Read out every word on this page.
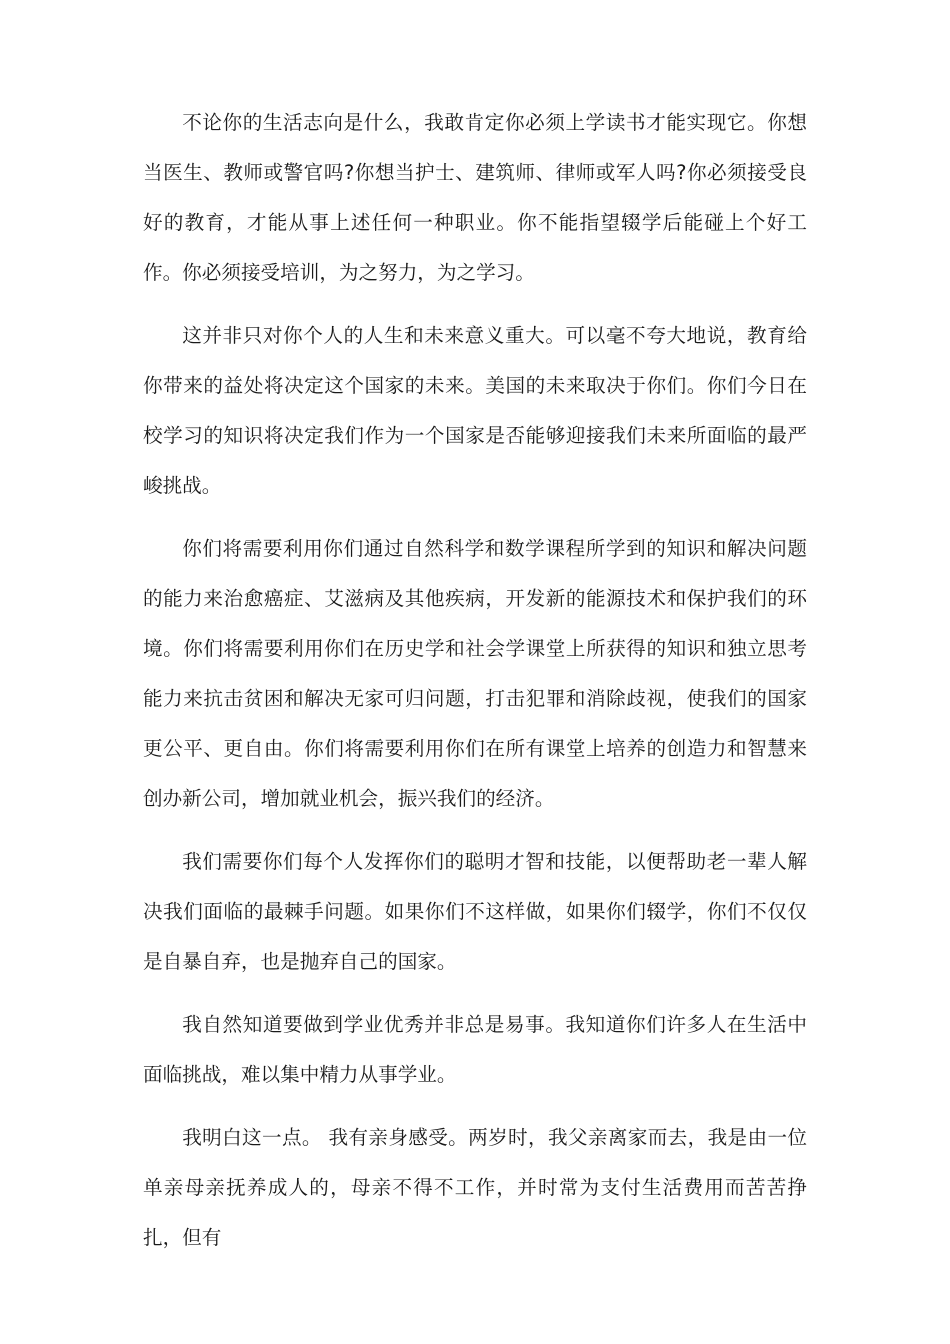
不论你的生活志向是什么，我敢肯定你必须上学读书才能实现它。你想当医生、教师或警官吗?你想当护士、建筑师、律师或军人吗?你必须接受良好的教育，才能从事上述任何一种职业。你不能指望辍学后能碰上个好工作。你必须接受培训，为之努力，为之学习。

这并非只对你个人的人生和未来意义重大。可以毫不夸大地说，教育给你带来的益处将决定这个国家的未来。美国的未来取决于你们。你们今日在校学习的知识将决定我们作为一个国家是否能够迎接我们未来所面临的最严峻挑战。

你们将需要利用你们通过自然科学和数学课程所学到的知识和解决问题的能力来治愈癌症、艾滋病及其他疾病，开发新的能源技术和保护我们的环境。你们将需要利用你们在历史学和社会学课堂上所获得的知识和独立思考能力来抗击贫困和解决无家可归问题，打击犯罪和消除歧视，使我们的国家更公平、更自由。你们将需要利用你们在所有课堂上培养的创造力和智慧来创办新公司，增加就业机会，振兴我们的经济。

我们需要你们每个人发挥你们的聪明才智和技能，以便帮助老一辈人解决我们面临的最棘手问题。如果你们不这样做，如果你们辍学，你们不仅仅是自暴自弃，也是抛弃自己的国家。

我自然知道要做到学业优秀并非总是易事。我知道你们许多人在生活中面临挑战，难以集中精力从事学业。

我明白这一点。 我有亲身感受。两岁时，我父亲离家而去，我是由一位单亲母亲抚养成人的，母亲不得不工作，并时常为支付生活费用而苦苦挣扎，但有
